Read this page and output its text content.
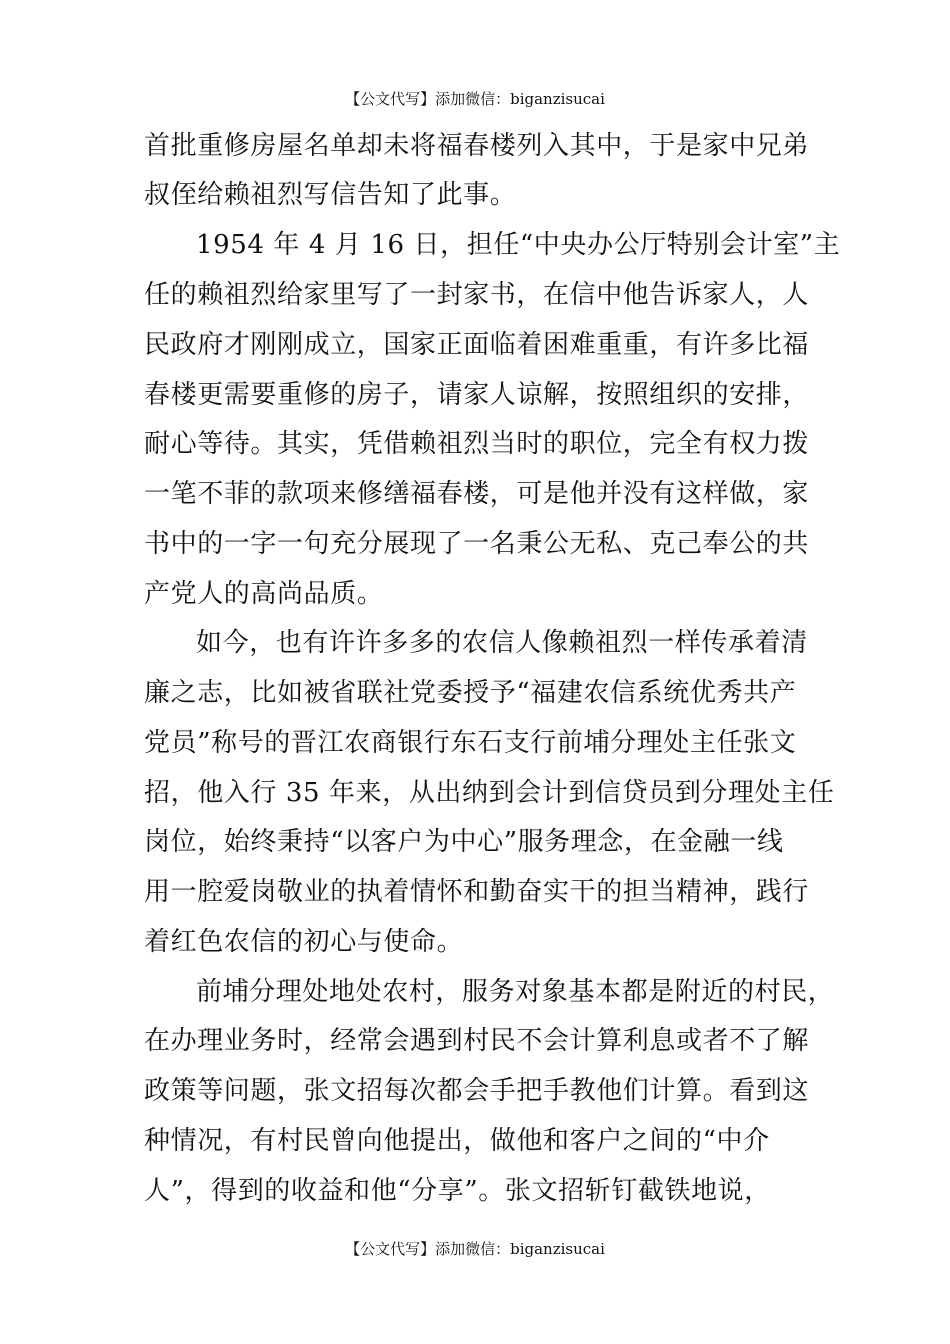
【公文代写】添加微信：biganzisucai
首批重修房屋名单却未将福春楼列入其中，于是家中兄弟
叔侄给赖祖烈写信告知了此事。
1954 年 4 月 16 日，担任“中央办公厅特别会计室”主
任的赖祖烈给家里写了一封家书，在信中他告诉家人，人
民政府才刚刚成立，国家正面临着困难重重，有许多比福
春楼更需要重修的房子，请家人谅解，按照组织的安排，
耐心等待。其实，凭借赖祖烈当时的职位，完全有权力拨
一笔不菲的款项来修缮福春楼，可是他并没有这样做，家
书中的一字一句充分展现了一名秉公无私、克己奉公的共
产党人的高尚品质。
如今，也有许许多多的农信人像赖祖烈一样传承着清
廉之志，比如被省联社党委授予“福建农信系统优秀共产
党员”称号的晋江农商银行东石支行前埔分理处主任张文
招，他入行 35 年来，从出纳到会计到信贷员到分理处主任
岗位，始终秉持“以客户为中心”服务理念，在金融一线
用一腔爱岗敬业的执着情怀和勤奋实干的担当精神，践行
着红色农信的初心与使命。
前埔分理处地处农村，服务对象基本都是附近的村民，
在办理业务时，经常会遇到村民不会计算利息或者不了解
政策等问题，张文招每次都会手把手教他们计算。看到这
种情况，有村民曾向他提出，做他和客户之间的“中介
人”，得到的收益和他“分享”。张文招斩钉截铁地说，
【公文代写】添加微信：biganzisucai
